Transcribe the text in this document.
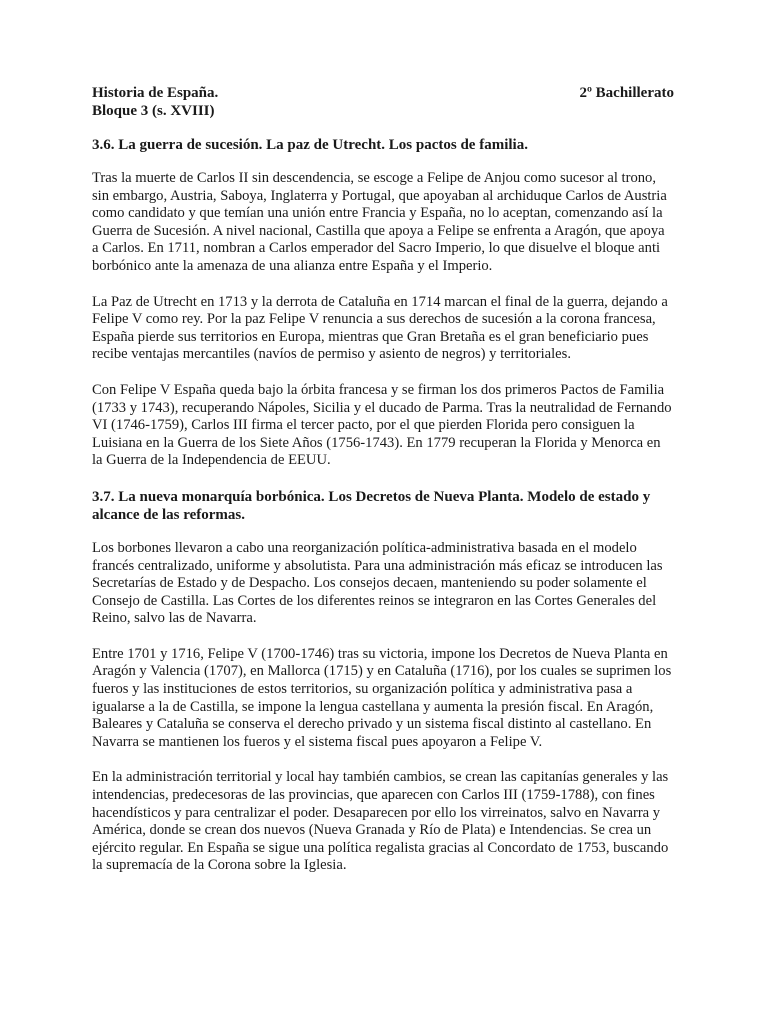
Historia de España.	2º Bachillerato
Bloque 3 (s. XVIII)
3.6. La guerra de sucesión. La paz de Utrecht. Los pactos de familia.

Tras la muerte de Carlos II sin descendencia, se escoge a Felipe de Anjou como sucesor al trono, sin embargo, Austria, Saboya, Inglaterra y Portugal, que apoyaban al archiduque Carlos de Austria como candidato y que temían una unión entre Francia y España, no lo aceptan, comenzando así la Guerra de Sucesión. A nivel nacional, Castilla que apoya a Felipe se enfrenta a Aragón, que apoya a Carlos. En 1711, nombran a Carlos emperador del Sacro Imperio, lo que disuelve el bloque anti borbónico ante la amenaza de una alianza entre España y el Imperio.

La Paz de Utrecht en 1713 y la derrota de Cataluña en 1714 marcan el final de la guerra, dejando a Felipe V como rey. Por la paz Felipe V renuncia a sus derechos de sucesión a la corona francesa, España pierde sus territorios en Europa, mientras que Gran Bretaña es el gran beneficiario pues recibe ventajas mercantiles (navíos de permiso y asiento de negros) y territoriales.

Con Felipe V España queda bajo la órbita francesa y se firman los dos primeros Pactos de Familia (1733 y 1743), recuperando Nápoles, Sicilia y el ducado de Parma. Tras la neutralidad de Fernando VI (1746-1759), Carlos III firma el tercer pacto, por el que pierden Florida pero consiguen la Luisiana en la Guerra de los Siete Años (1756-1743). En 1779 recuperan la Florida y Menorca en la Guerra de la Independencia de EEUU.

3.7. La nueva monarquía borbónica. Los Decretos de Nueva Planta. Modelo de estado y alcance de las reformas.

Los borbones llevaron a cabo una reorganización política-administrativa basada en el modelo francés centralizado, uniforme y absolutista. Para una administración más eficaz se introducen las Secretarías de Estado y de Despacho. Los consejos decaen, manteniendo su poder solamente el Consejo de Castilla. Las Cortes de los diferentes reinos se integraron en las Cortes Generales del Reino, salvo las de Navarra.

Entre 1701 y 1716, Felipe V (1700-1746) tras su victoria, impone los Decretos de Nueva Planta en Aragón y Valencia (1707), en Mallorca (1715) y en Cataluña (1716), por los cuales se suprimen los fueros y las instituciones de estos territorios, su organización política y administrativa pasa a igualarse a la de Castilla, se impone la lengua castellana y aumenta la presión fiscal. En Aragón, Baleares y Cataluña se conserva el derecho privado y un sistema fiscal distinto al castellano. En Navarra se mantienen los fueros y el sistema fiscal pues apoyaron a Felipe V.

En la administración territorial y local hay también cambios, se crean las capitanías generales y las intendencias, predecesoras de las provincias, que aparecen con Carlos III (1759-1788), con fines hacendísticos y para centralizar el poder. Desaparecen por ello los virreinatos, salvo en Navarra y América, donde se crean dos nuevos (Nueva Granada y Río de Plata) e Intendencias. Se crea un ejército regular. En España se sigue una política regalista gracias al Concordato de 1753, buscando la supremacía de la Corona sobre la Iglesia.
